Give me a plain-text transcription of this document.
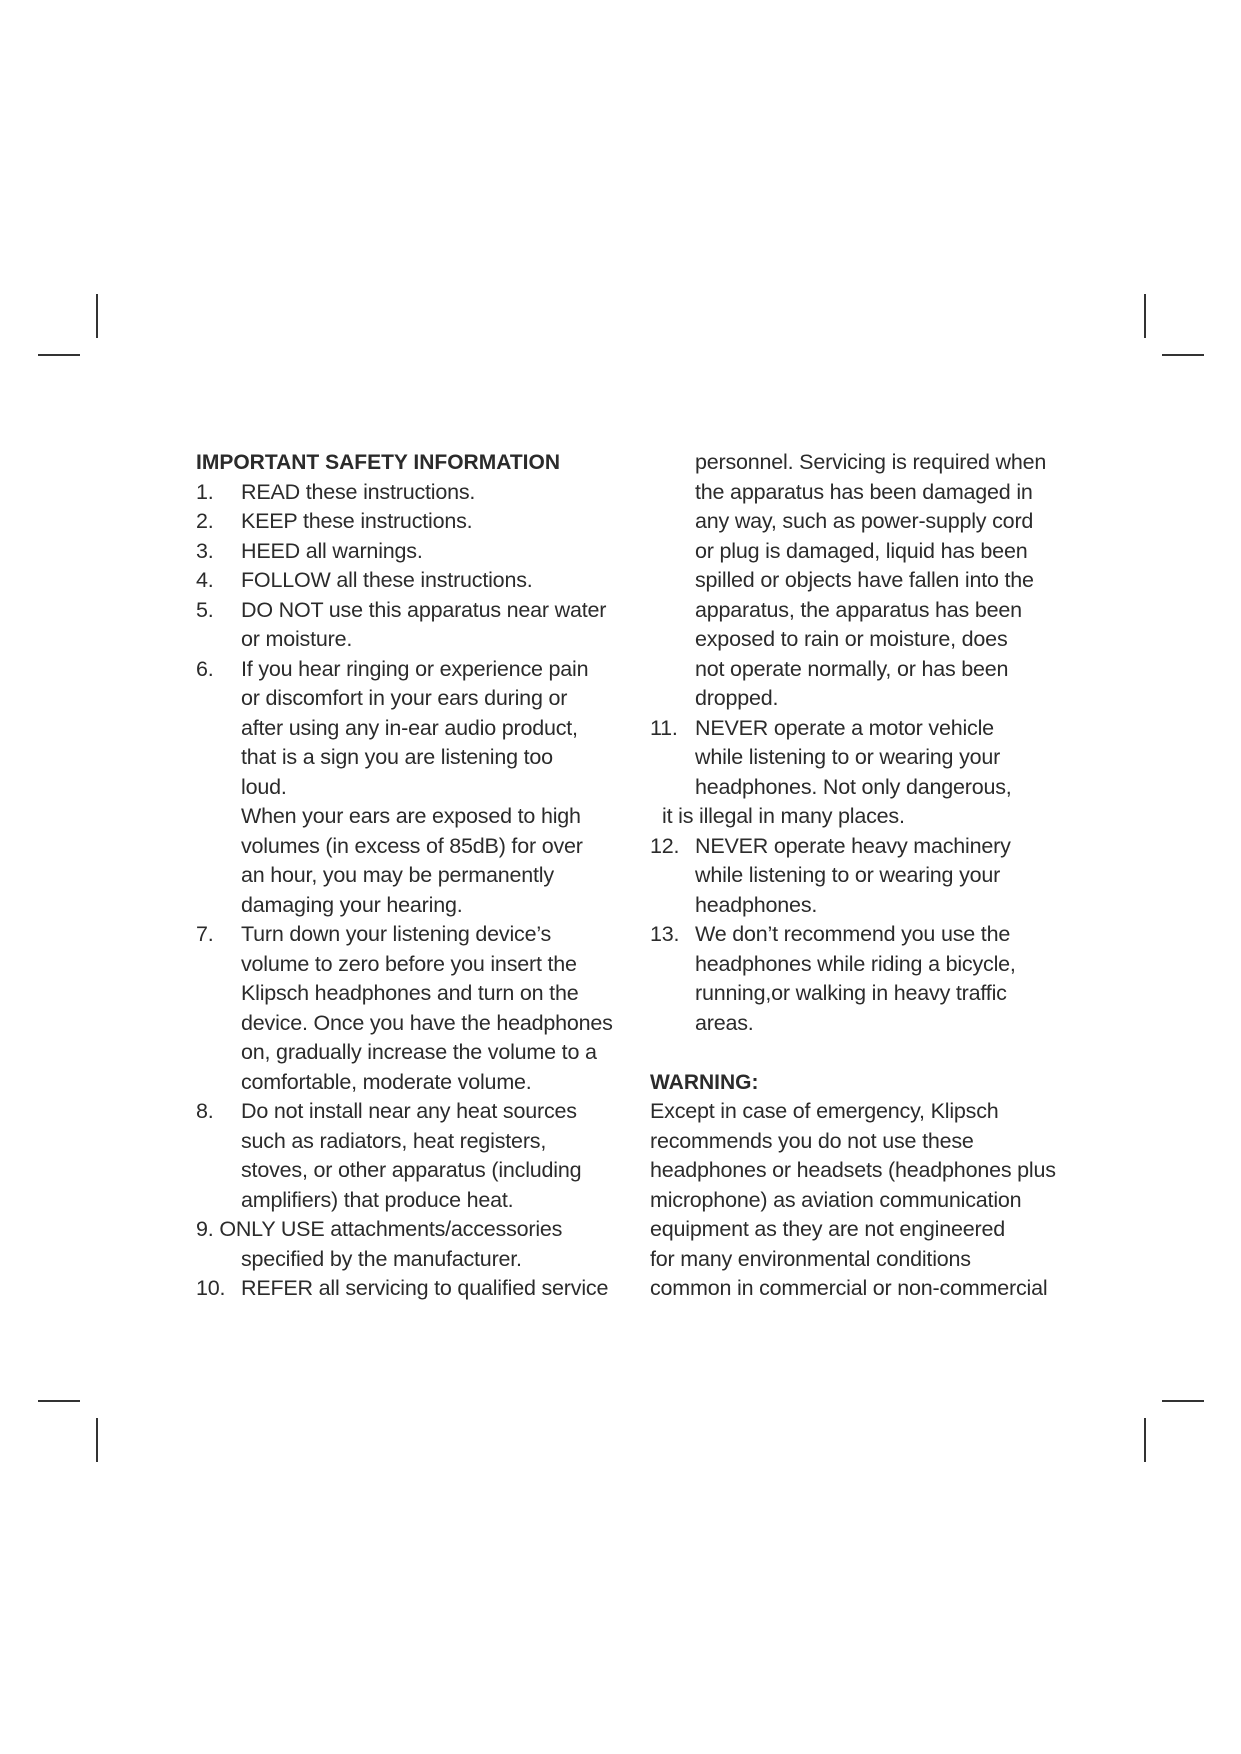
IMPORTANT SAFETY INFORMATION
1.	READ these instructions.
2.	KEEP these instructions.
3.	HEED all warnings.
4.	FOLLOW all these instructions.
5.	DO NOT use this apparatus near water
or moisture.
6.	If you hear ringing or experience pain
or discomfort in your ears during or
after using any in-ear audio product,
that is a sign you are listening too
loud.
When your ears are exposed to high
volumes (in excess of 85dB) for over
an hour, you may be permanently
damaging your hearing.
7.	Turn down your listening device’s
volume to zero before you insert the
Klipsch headphones and turn on the
device. Once you have the headphones
on, gradually increase the volume to a
comfortable, moderate volume.
8.	Do not install near any heat sources
such as radiators, heat registers,
stoves, or other apparatus (including
amplifiers) that produce heat.
9. ONLY USE attachments/accessories
specified by the manufacturer.
10. REFER all servicing to qualified service
personnel. Servicing is required when
the apparatus has been damaged in
any way, such as power-supply cord
or plug is damaged, liquid has been
spilled or objects have fallen into the
apparatus, the apparatus has been
exposed to rain or moisture, does
not operate normally, or has been
dropped.
11. NEVER operate a motor vehicle
while listening to or wearing your
headphones. Not only dangerous,
it is illegal in many places.
12. NEVER operate heavy machinery
while listening to or wearing your
headphones.
13. We don’t recommend you use the
headphones while riding a bicycle,
running,or walking in heavy traffic
areas.
WARNING:
Except in case of emergency, Klipsch
recommends you do not use these
headphones or headsets (headphones plus
microphone) as aviation communication
equipment as they are not engineered
for many environmental conditions
common in commercial or non-commercial
